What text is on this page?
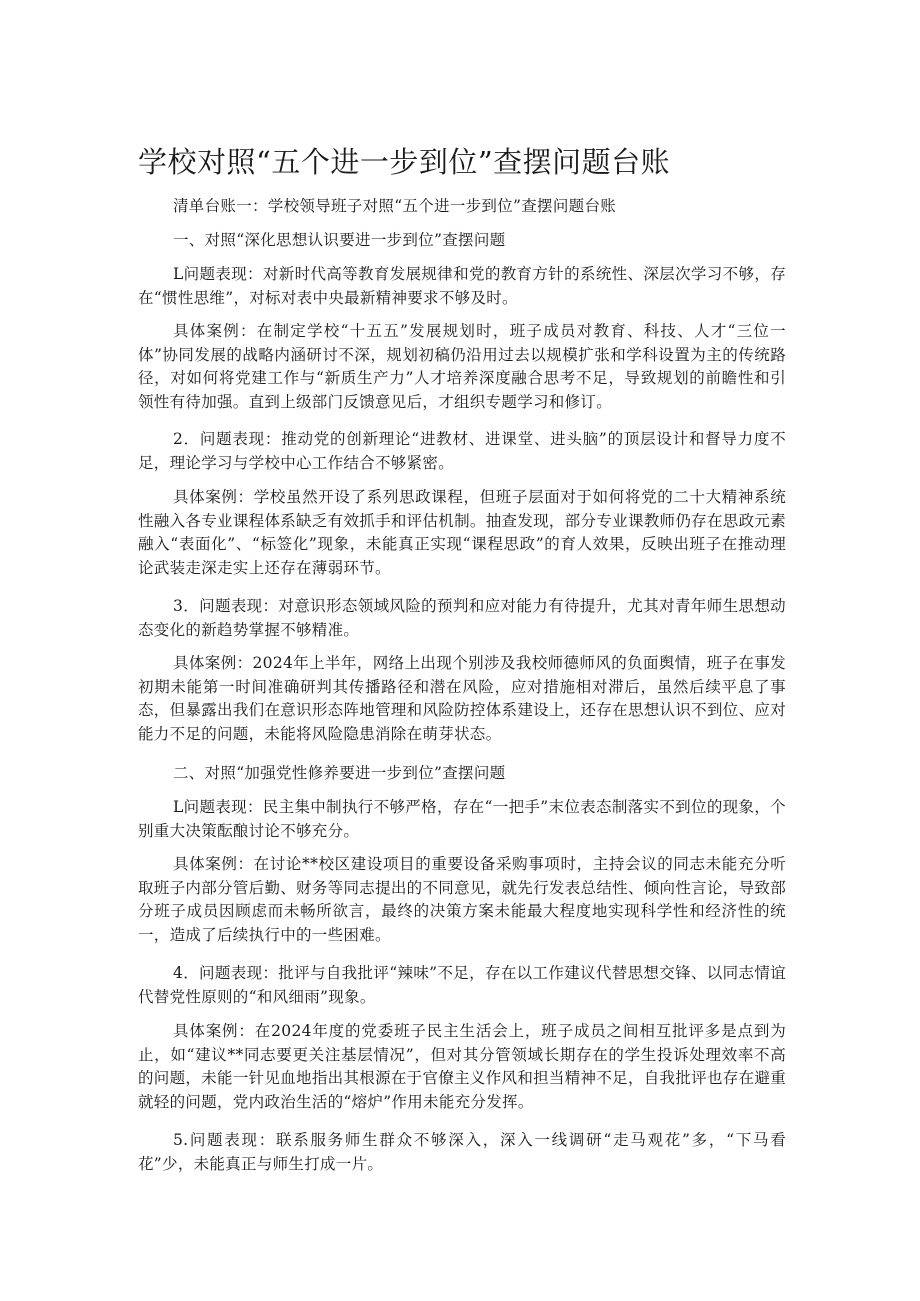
学校对照“五个进一步到位”查摆问题台账

清单台账一：学校领导班子对照“五个进一步到位”查摆问题台账

一、对照“深化思想认识要进一步到位”查摆问题

L问题表现：对新时代高等教育发展规律和党的教育方针的系统性、深层次学习不够，存在“惯性思维”，对标对表中央最新精神要求不够及时。

具体案例：在制定学校“十五五”发展规划时，班子成员对教育、科技、人才“三位一体”协同发展的战略内涵研讨不深，规划初稿仍沿用过去以规模扩张和学科设置为主的传统路径，对如何将党建工作与“新质生产力”人才培养深度融合思考不足，导致规划的前瞻性和引领性有待加强。直到上级部门反馈意见后，才组织专题学习和修订。

2．问题表现：推动党的创新理论“进教材、进课堂、进头脑”的顶层设计和督导力度不足，理论学习与学校中心工作结合不够紧密。

具体案例：学校虽然开设了系列思政课程，但班子层面对于如何将党的二十大精神系统性融入各专业课程体系缺乏有效抓手和评估机制。抽查发现，部分专业课教师仍存在思政元素融入“表面化”、“标签化”现象，未能真正实现“课程思政”的育人效果，反映出班子在推动理论武装走深走实上还存在薄弱环节。

3．问题表现：对意识形态领域风险的预判和应对能力有待提升，尤其对青年师生思想动态变化的新趋势掌握不够精准。

具体案例：2024年上半年，网络上出现个别涉及我校师德师风的负面舆情，班子在事发初期未能第一时间准确研判其传播路径和潜在风险，应对措施相对滞后，虽然后续平息了事态，但暴露出我们在意识形态阵地管理和风险防控体系建设上，还存在思想认识不到位、应对能力不足的问题，未能将风险隐患消除在萌芽状态。

二、对照“加强党性修养要进一步到位”查摆问题

L问题表现：民主集中制执行不够严格，存在“一把手”末位表态制落实不到位的现象，个别重大决策酝酿讨论不够充分。

具体案例：在讨论**校区建设项目的重要设备采购事项时，主持会议的同志未能充分听取班子内部分管后勤、财务等同志提出的不同意见，就先行发表总结性、倾向性言论，导致部分班子成员因顾虑而未畅所欲言，最终的决策方案未能最大程度地实现科学性和经济性的统一，造成了后续执行中的一些困难。

4．问题表现：批评与自我批评“辣味”不足，存在以工作建议代替思想交锋、以同志情谊代替党性原则的“和风细雨”现象。

具体案例：在2024年度的党委班子民主生活会上，班子成员之间相互批评多是点到为止，如“建议**同志要更关注基层情况”，但对其分管领域长期存在的学生投诉处理效率不高的问题，未能一针见血地指出其根源在于官僚主义作风和担当精神不足，自我批评也存在避重就轻的问题，党内政治生活的“熔炉”作用未能充分发挥。

5.问题表现：联系服务师生群众不够深入，深入一线调研“走马观花”多，“下马看花”少，未能真正与师生打成一片。
